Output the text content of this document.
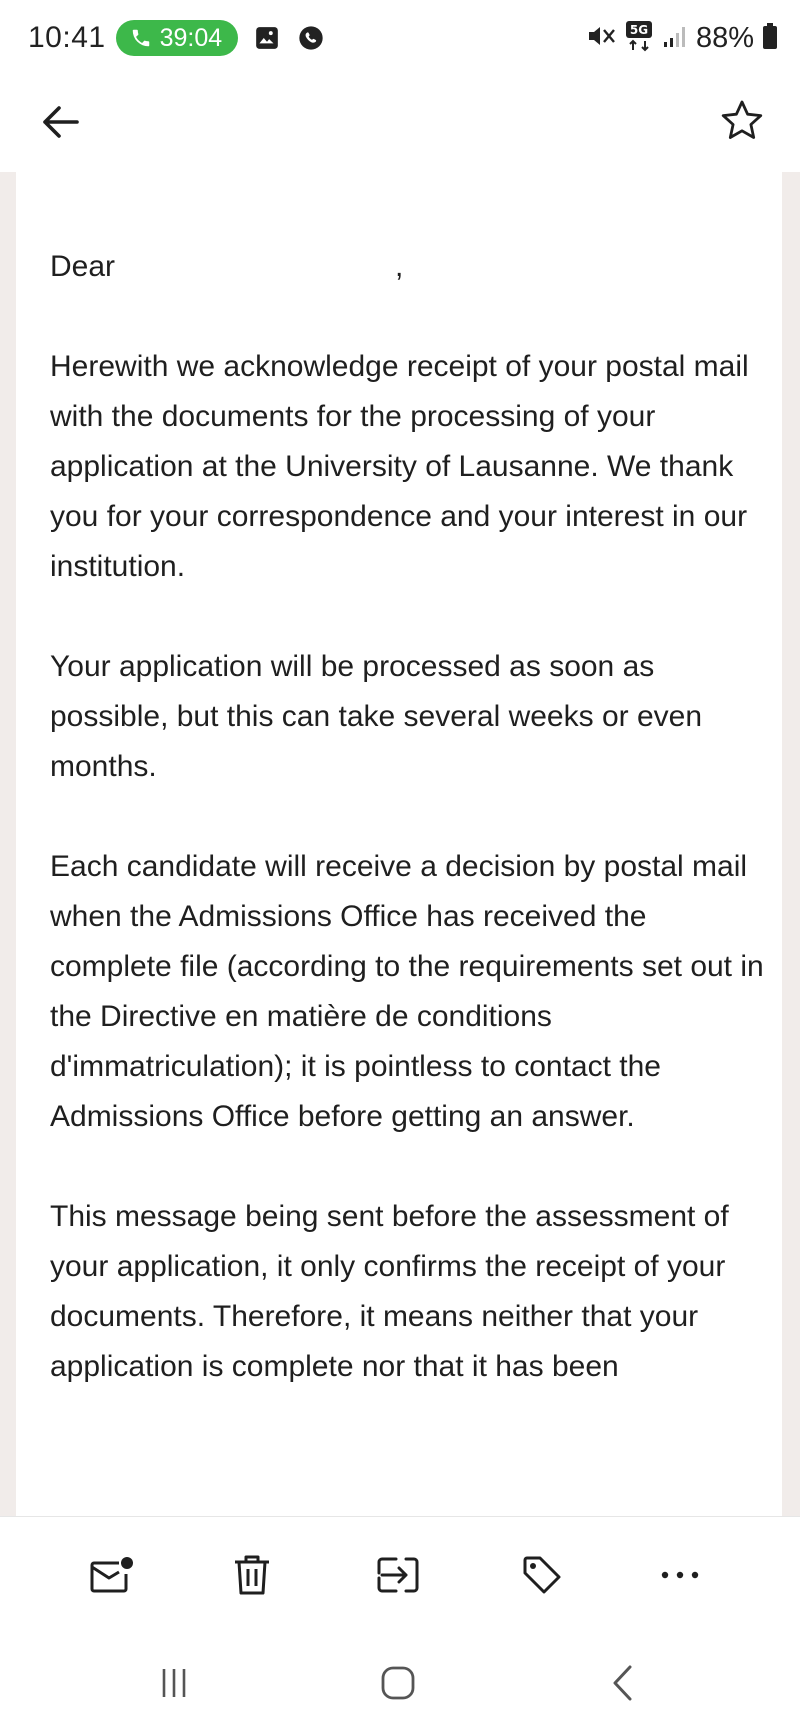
10:41 39:04	5G 88%
Dear	,

Herewith we acknowledge receipt of your postal mail with the documents for the processing of your application at the University of Lausanne. We thank you for your correspondence and your interest in our institution.

Your application will be processed as soon as possible, but this can take several weeks or even months.

Each candidate will receive a decision by postal mail when the Admissions Office has received the complete file (according to the requirements set out in the Directive en matière de conditions d'immatriculation); it is pointless to contact the Admissions Office before getting an answer.

This message being sent before the assessment of your application, it only confirms the receipt of your documents. Therefore, it means neither that your application is complete nor that it has been
